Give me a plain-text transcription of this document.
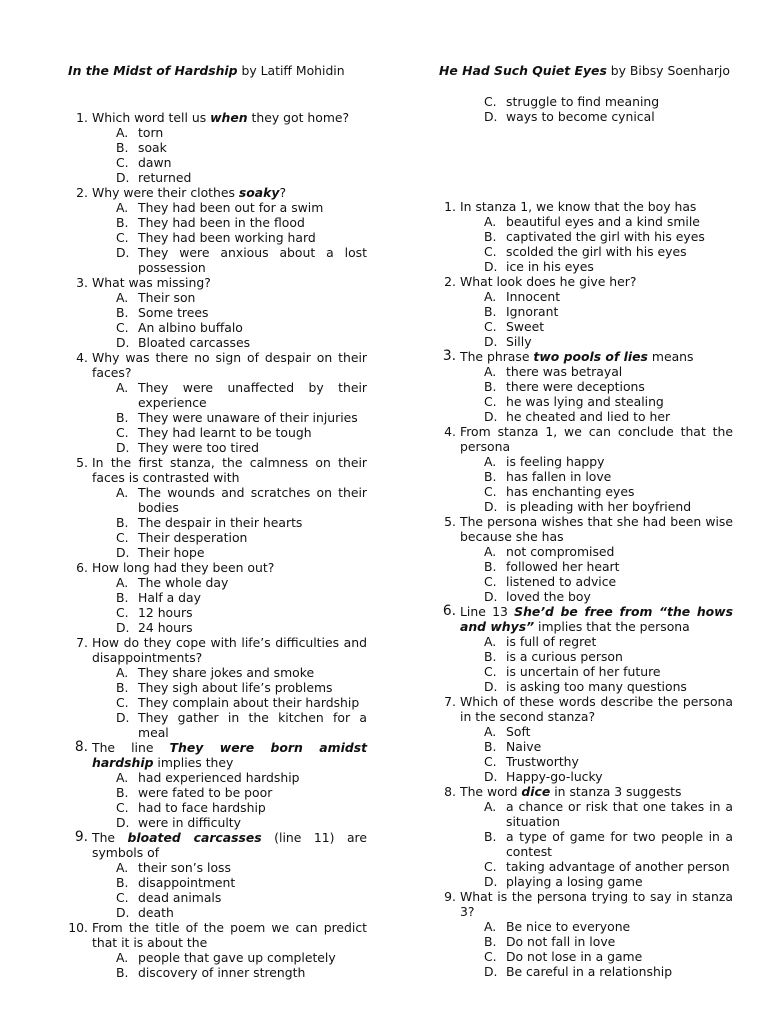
In the Midst of Hardship by Latiff Mohidin
1. Which word tell us when they got home?
A. torn
B. soak
C. dawn
D. returned
2. Why were their clothes soaky?
A. They had been out for a swim
B. They had been in the flood
C. They had been working hard
D. They were anxious about a lost possession
3. What was missing?
A. Their son
B. Some trees
C. An albino buffalo
D. Bloated carcasses
4. Why was there no sign of despair on their faces?
A. They were unaffected by their experience
B. They were unaware of their injuries
C. They had learnt to be tough
D. They were too tired
5. In the first stanza, the calmness on their faces is contrasted with
A. The wounds and scratches on their bodies
B. The despair in their hearts
C. Their desperation
D. Their hope
6. How long had they been out?
A. The whole day
B. Half a day
C. 12 hours
D. 24 hours
7. How do they cope with life’s difficulties and disappointments?
A. They share jokes and smoke
B. They sigh about life’s problems
C. They complain about their hardship
D. They gather in the kitchen for a meal
8. The line They were born amidst hardship implies they
A. had experienced hardship
B. were fated to be poor
C. had to face hardship
D. were in difficulty
9. The bloated carcasses (line 11) are symbols of
A. their son’s loss
B. disappointment
C. dead animals
D. death
10. From the title of the poem we can predict that it is about the
A. people that gave up completely
B. discovery of inner strength
He Had Such Quiet Eyes by Bibsy Soenharjo
C. struggle to find meaning
D. ways to become cynical
1. In stanza 1, we know that the boy has
A. beautiful eyes and a kind smile
B. captivated the girl with his eyes
C. scolded the girl with his eyes
D. ice in his eyes
2. What look does he give her?
A. Innocent
B. Ignorant
C. Sweet
D. Silly
3. The phrase two pools of lies means
A. there was betrayal
B. there were deceptions
C. he was lying and stealing
D. he cheated and lied to her
4. From stanza 1, we can conclude that the persona
A. is feeling happy
B. has fallen in love
C. has enchanting eyes
D. is pleading with her boyfriend
5. The persona wishes that she had been wise because she has
A. not compromised
B. followed her heart
C. listened to advice
D. loved the boy
6. Line 13 She’d be free from “the hows and whys” implies that the persona
A. is full of regret
B. is a curious person
C. is uncertain of her future
D. is asking too many questions
7. Which of these words describe the persona in the second stanza?
A. Soft
B. Naive
C. Trustworthy
D. Happy-go-lucky
8. The word dice in stanza 3 suggests
A. a chance or risk that one takes in a situation
B. a type of game for two people in a contest
C. taking advantage of another person
D. playing a losing game
9. What is the persona trying to say in stanza 3?
A. Be nice to everyone
B. Do not fall in love
C. Do not lose in a game
D. Be careful in a relationship
